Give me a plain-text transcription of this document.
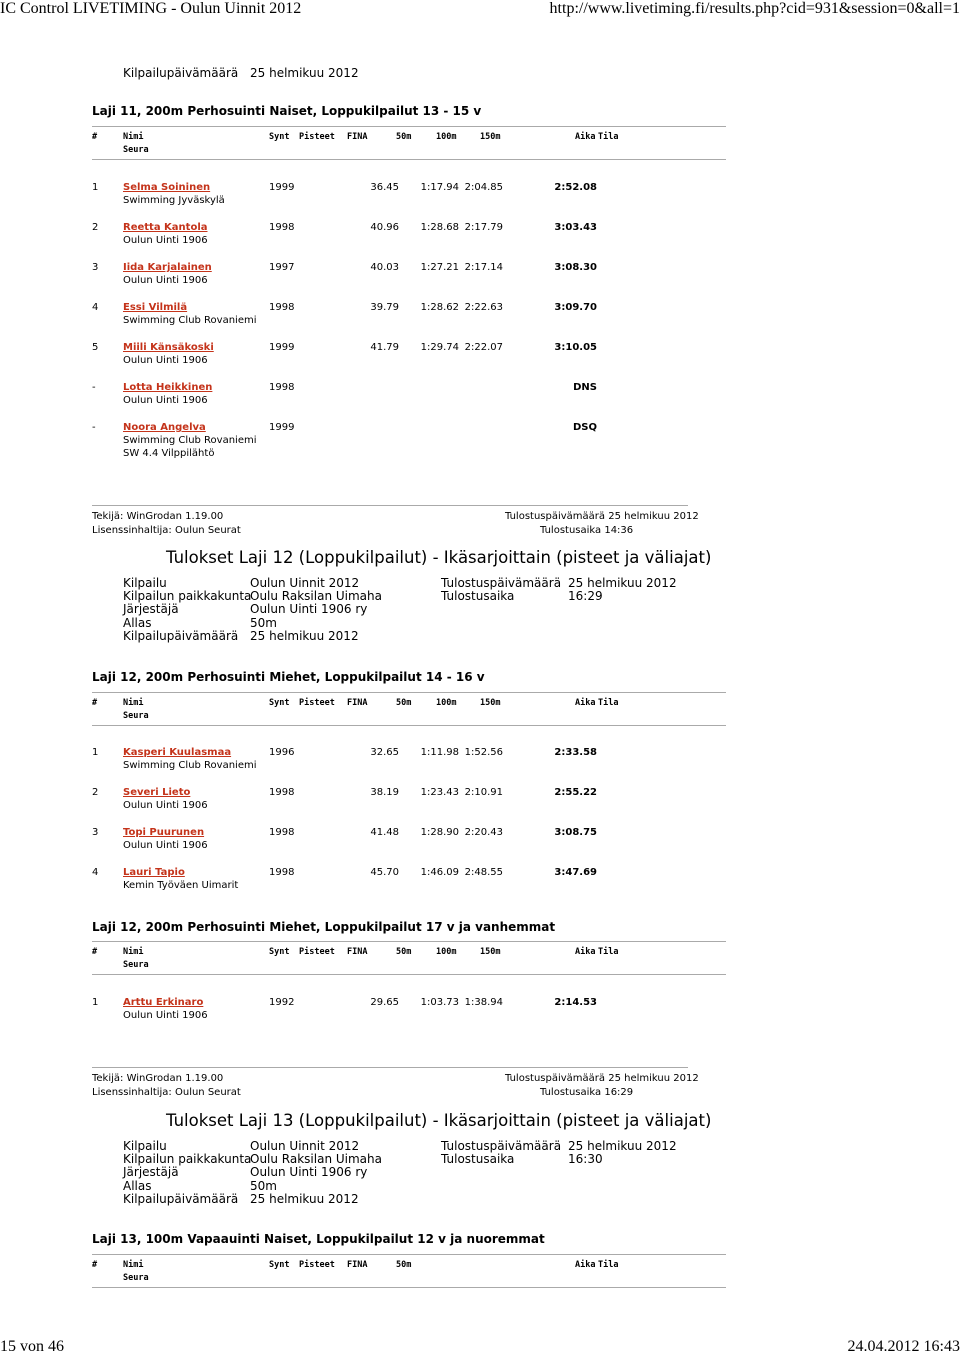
IC Control LIVETIMING - Oulun Uinnit 2012	http://www.livetiming.fi/results.php?cid=931&session=0&all=1
Kilpailupäivämäärä 25 helmikuu 2012
Laji 11, 200m Perhosuinti Naiset, Loppukilpailut 13 - 15 v
#	Nimi	Synt Pisteet FINA	50m	100m	150m	Aika Tila
Seura
1 Selma Soininen	1999	36.45	1:17.94 2:04.85	2:52.08
Swimming Jyväskylä
2 Reetta Kantola	1998	40.96	1:28.68 2:17.79	3:03.43
Oulun Uinti 1906
3 Iida Karjalainen	1997	40.03	1:27.21 2:17.14	3:08.30
Oulun Uinti 1906
4 Essi Vilmilä	1998	39.79	1:28.62 2:22.63	3:09.70
Swimming Club Rovaniemi
5 Miili Känsäkoski	1999	41.79	1:29.74 2:22.07	3:10.05
Oulun Uinti 1906
-	Lotta Heikkinen	1998	DNS
Oulun Uinti 1906
-	Noora Angelva	1999	DSQ
Swimming Club Rovaniemi
SW 4.4 Vilppilähtö
Tekijä: WinGrodan 1.19.00
Lisenssinhaltija: Oulun Seurat
Tulostuspäivämäärä 25 helmikuu 2012
Tulostusaika 14:36
Tulokset Laji 12 (Loppukilpailut) - Ikäsarjoittain (pisteet ja väliajat)
Kilpailu	Oulun Uinnit 2012	Tulostuspäivämäärä 25 helmikuu 2012
Kilpailun paikkakunta
Oulu Raksilan Uimaha	Tulostusaika	16:29
Järjestäjä	Oulun Uinti 1906 ry
Allas	50m
Kilpailupäivämäärä 25 helmikuu 2012
Laji 12, 200m Perhosuinti Miehet, Loppukilpailut 14 - 16 v
#	Nimi	Synt Pisteet FINA	50m	100m	150m	Aika Tila
Seura
1 Kasperi Kuulasmaa	1996	32.65	1:11.98 1:52.56	2:33.58
Swimming Club Rovaniemi
2 Severi Lieto	1998	38.19	1:23.43 2:10.91	2:55.22
Oulun Uinti 1906
3 Topi Puurunen	1998	41.48	1:28.90 2:20.43	3:08.75
Oulun Uinti 1906
4 Lauri Tapio	1998	45.70	1:46.09 2:48.55	3:47.69
Kemin Työväen Uimarit
Laji 12, 200m Perhosuinti Miehet, Loppukilpailut 17 v ja vanhemmat
#	Nimi	Synt Pisteet FINA	50m	100m	150m	Aika Tila
Seura
1 Arttu Erkinaro	1992	29.65	1:03.73 1:38.94	2:14.53
Oulun Uinti 1906
Tekijä: WinGrodan 1.19.00
Lisenssinhaltija: Oulun Seurat
Tulostuspäivämäärä 25 helmikuu 2012
Tulostusaika 16:29
Tulokset Laji 13 (Loppukilpailut) - Ikäsarjoittain (pisteet ja väliajat)
Kilpailu	Oulun Uinnit 2012	Tulostuspäivämäärä 25 helmikuu 2012
Kilpailun paikkakunta
Oulu Raksilan Uimaha	Tulostusaika	16:30
Järjestäjä	Oulun Uinti 1906 ry
Allas	50m
Kilpailupäivämäärä 25 helmikuu 2012
Laji 13, 100m Vapaauinti Naiset, Loppukilpailut 12 v ja nuoremmat
#	Nimi	Synt Pisteet FINA	50m	Aika Tila
Seura
15 von 46	24.04.2012 16:43
